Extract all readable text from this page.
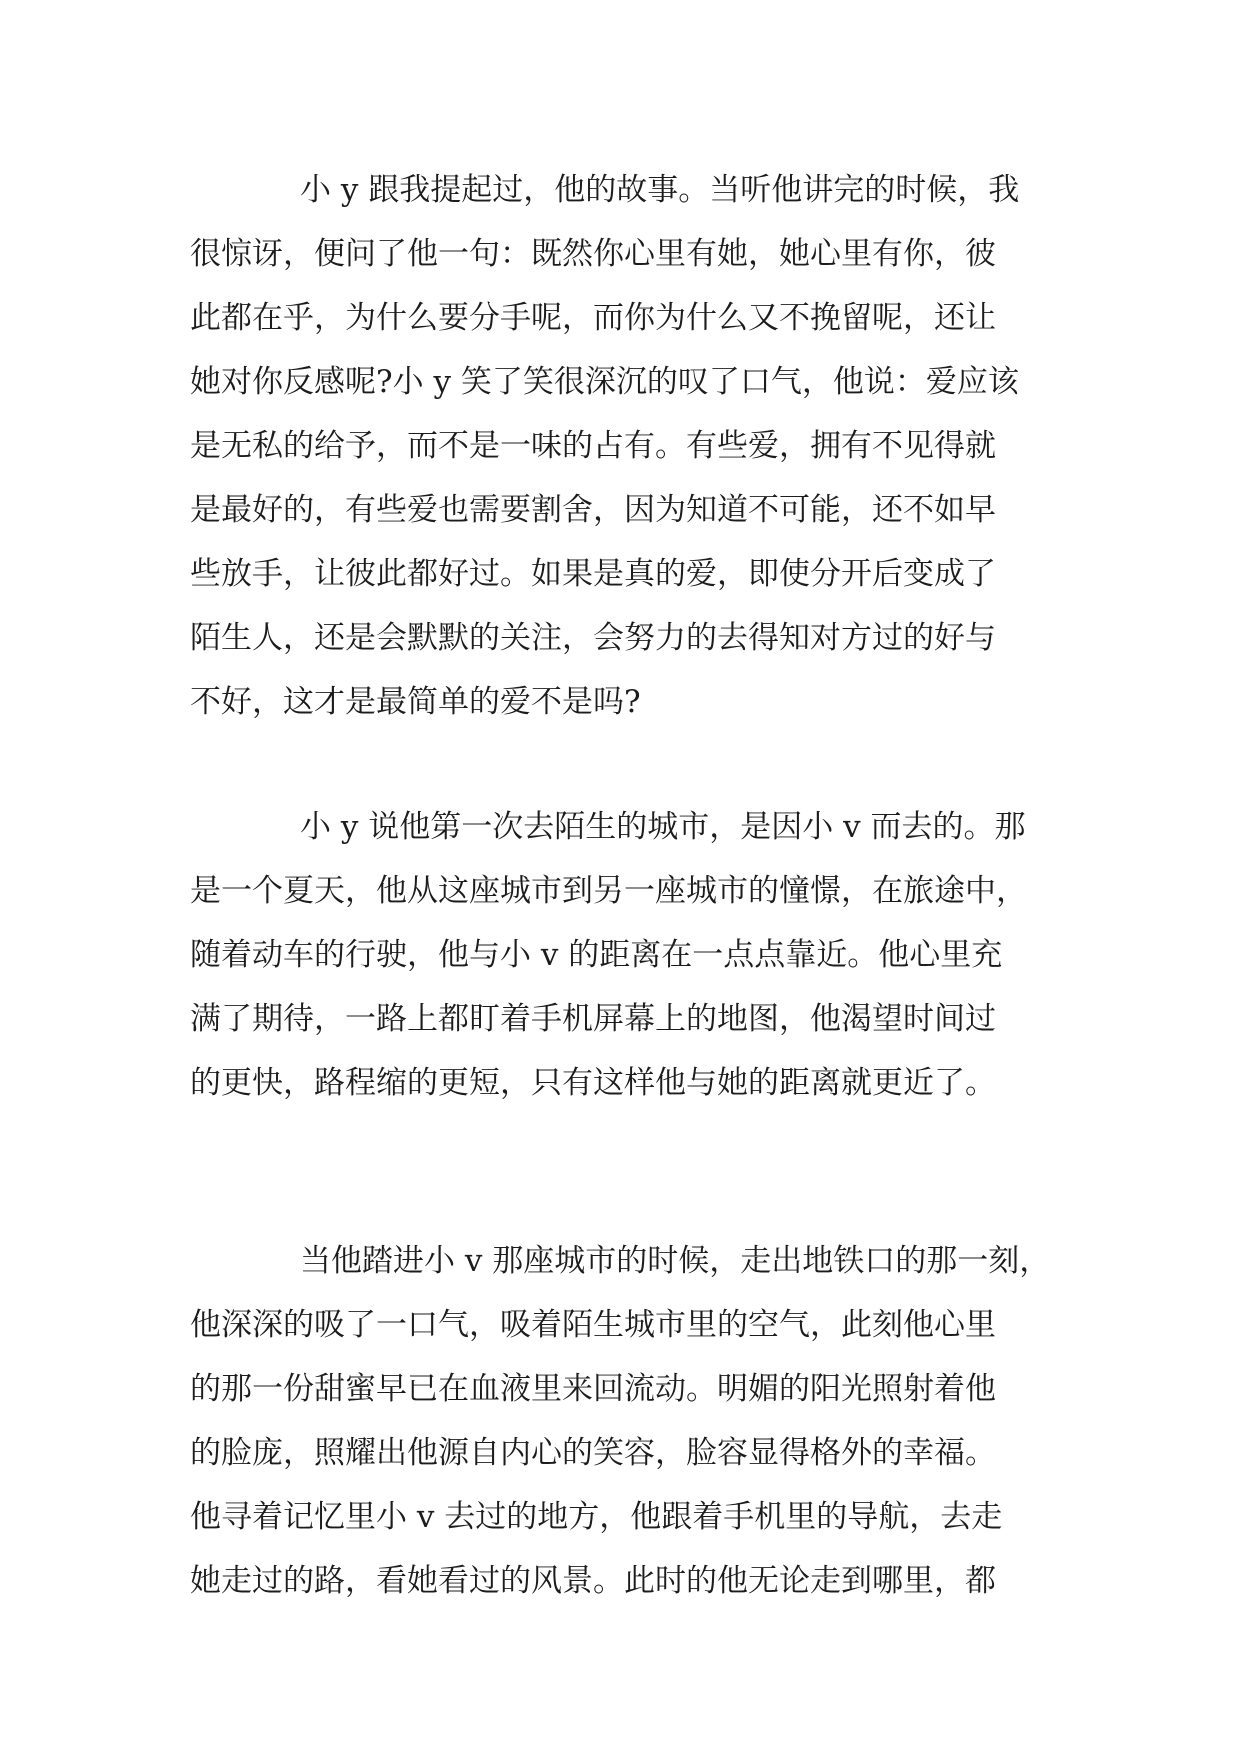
小 y 跟我提起过，他的故事。当听他讲完的时候，我
很惊讶，便问了他一句：既然你心里有她，她心里有你，彼
此都在乎，为什么要分手呢，而你为什么又不挽留呢，还让
她对你反感呢?小 y 笑了笑很深沉的叹了口气，他说：爱应该
是无私的给予，而不是一味的占有。有些爱，拥有不见得就
是最好的，有些爱也需要割舍，因为知道不可能，还不如早
些放手，让彼此都好过。如果是真的爱，即使分开后变成了
陌生人，还是会默默的关注，会努力的去得知对方过的好与
不好，这才是最简单的爱不是吗?
小 y 说他第一次去陌生的城市，是因小 v 而去的。那
是一个夏天，他从这座城市到另一座城市的憧憬，在旅途中，
随着动车的行驶，他与小 v 的距离在一点点靠近。他心里充
满了期待，一路上都盯着手机屏幕上的地图，他渴望时间过
的更快，路程缩的更短，只有这样他与她的距离就更近了。
当他踏进小 v 那座城市的时候，走出地铁口的那一刻，
他深深的吸了一口气，吸着陌生城市里的空气，此刻他心里
的那一份甜蜜早已在血液里来回流动。明媚的阳光照射着他
的脸庞，照耀出他源自内心的笑容，脸容显得格外的幸福。
他寻着记忆里小 v 去过的地方，他跟着手机里的导航，去走
她走过的路，看她看过的风景。此时的他无论走到哪里，都
